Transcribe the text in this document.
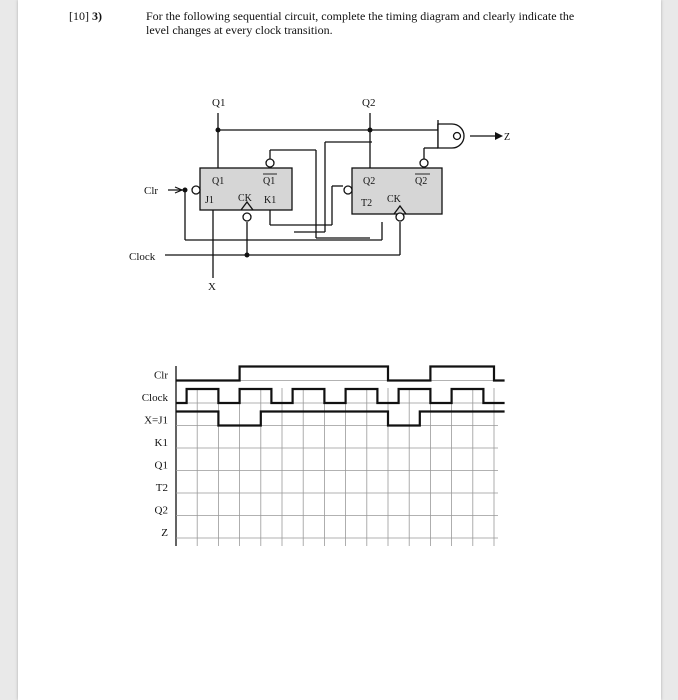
[10] 3)	For the following sequential circuit, complete the timing diagram and clearly indicate the
level changes at every clock transition.
Q1	Q2
Z
Clr
Clock
X
Q1	Q1
J1 CK K1
Q2	Q2
T2 CK
Clr
Clock
X=J1
K1
Q1
T2
Q2
Z
